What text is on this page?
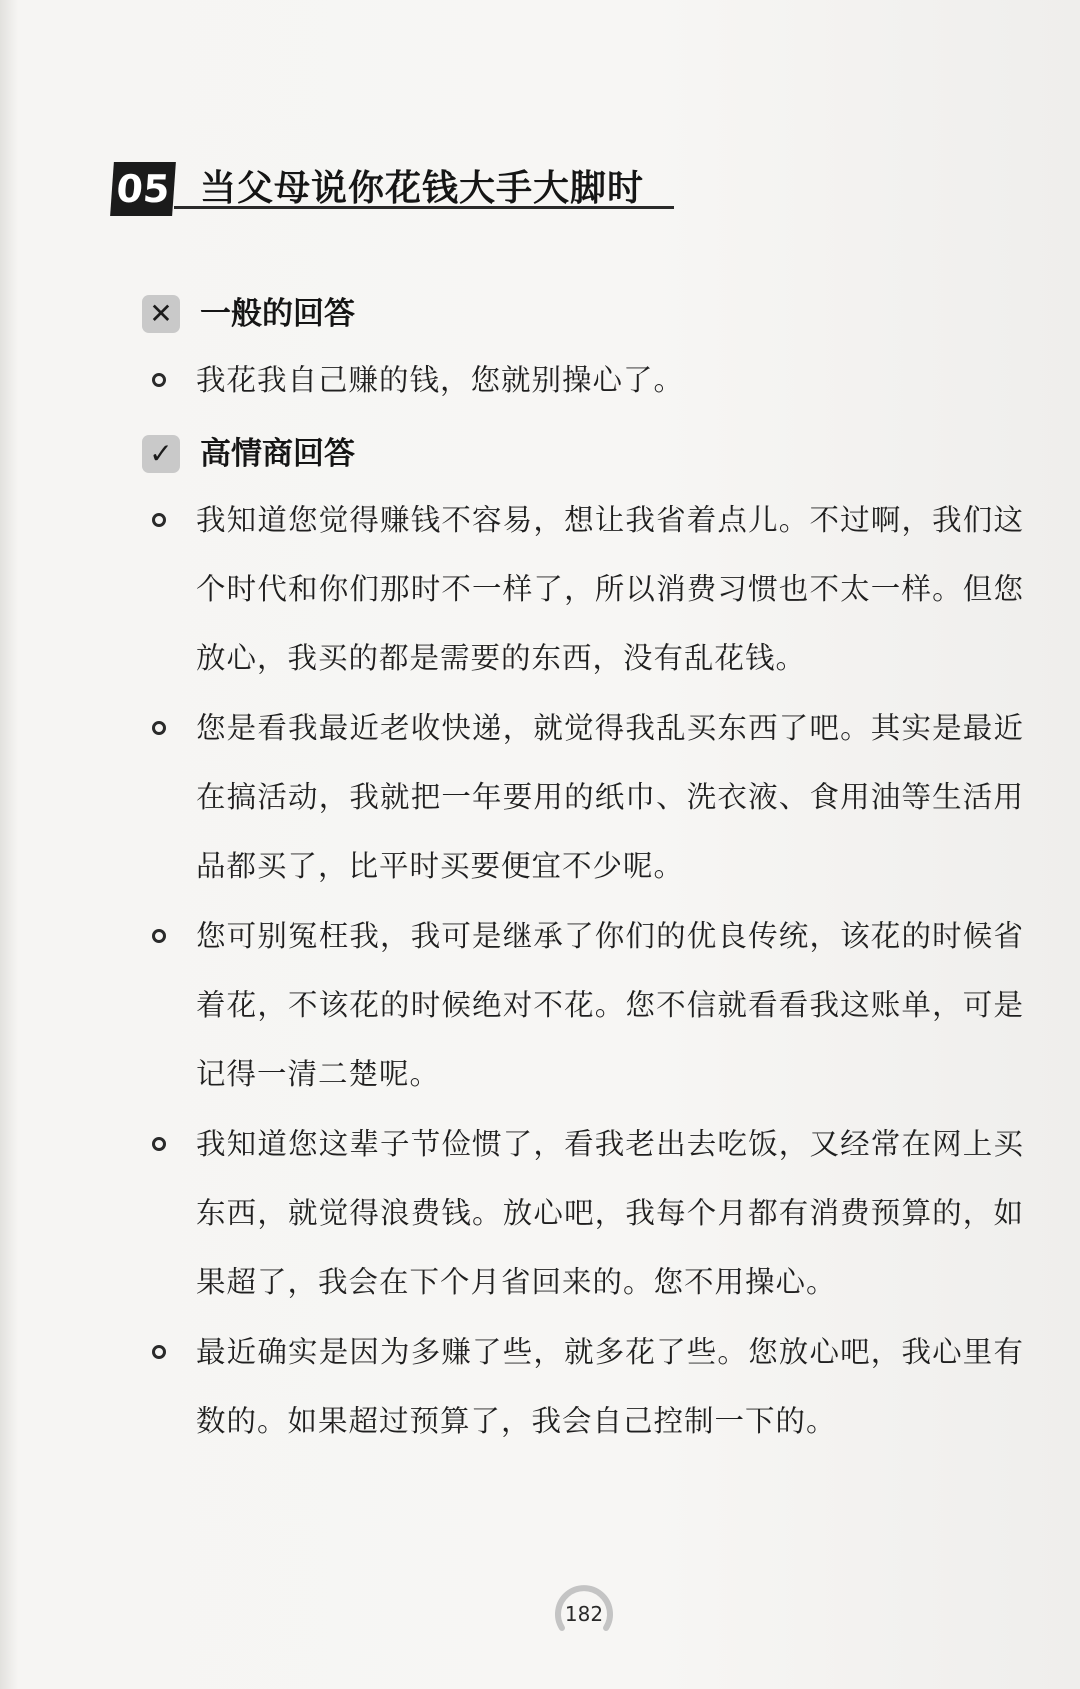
05 当父母说你花钱大手大脚时
✕ 一般的回答
我花我自己赚的钱，您就别操心了。
✓ 高情商回答
我知道您觉得赚钱不容易，想让我省着点儿。不过啊，我们这个时代和你们那时不一样了，所以消费习惯也不太一样。但您放心，我买的都是需要的东西，没有乱花钱。
您是看我最近老收快递，就觉得我乱买东西了吧。其实是最近在搞活动，我就把一年要用的纸巾、洗衣液、食用油等生活用品都买了，比平时买要便宜不少呢。
您可别冤枉我，我可是继承了你们的优良传统，该花的时候省着花，不该花的时候绝对不花。您不信就看看我这账单，可是记得一清二楚呢。
我知道您这辈子节俭惯了，看我老出去吃饭，又经常在网上买东西，就觉得浪费钱。放心吧，我每个月都有消费预算的，如果超了，我会在下个月省回来的。您不用操心。
最近确实是因为多赚了些，就多花了些。您放心吧，我心里有数的。如果超过预算了，我会自己控制一下的。
182
